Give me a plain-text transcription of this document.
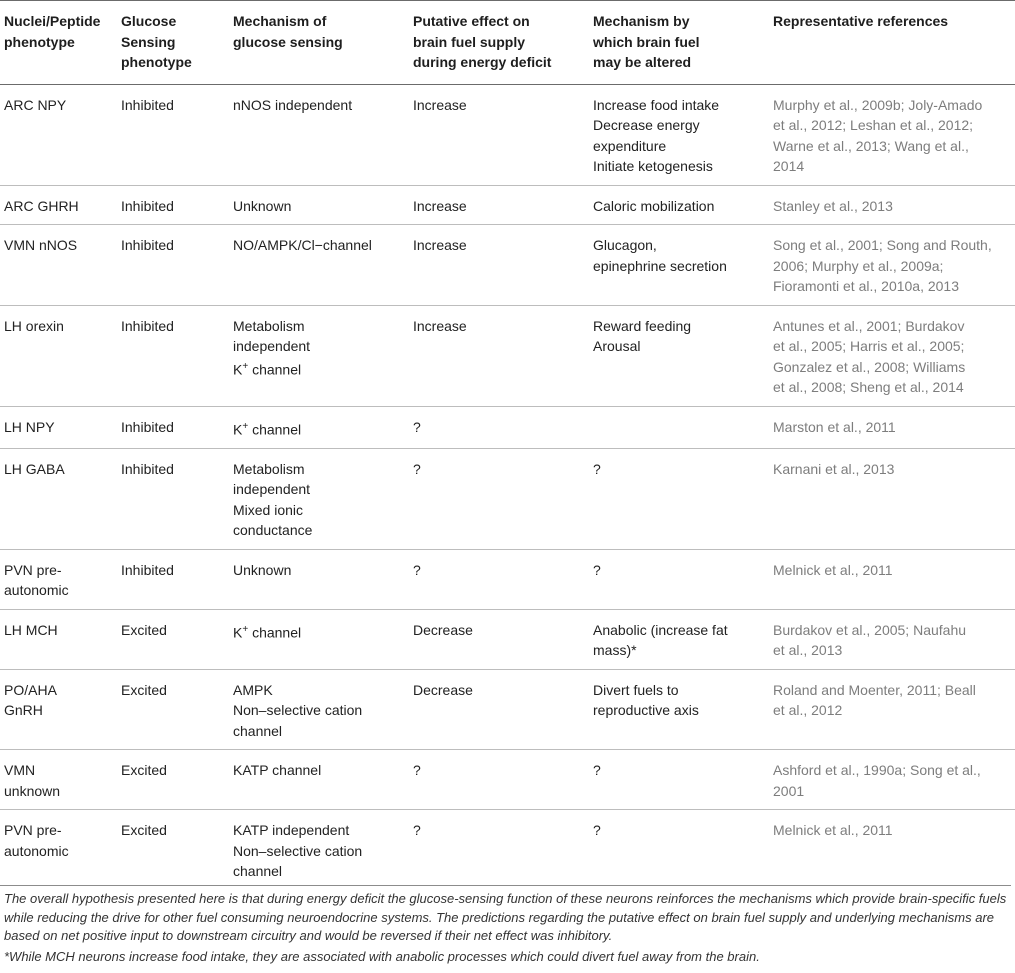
Nuclei/Peptide
phenotype	Glucose
Sensing
phenotype	Mechanism of
glucose sensing	Putative effect on
brain fuel supply
during energy deficit	Mechanism by
which brain fuel
may be altered	Representative references

ARC NPY	Inhibited	nNOS independent	Increase	Increase food intake
Decrease energy
expenditure
Initiate ketogenesis	Murphy et al., 2009b; Joly-Amado
et al., 2012; Leshan et al., 2012;
Warne et al., 2013; Wang et al.,
2014

ARC GHRH	Inhibited	Unknown	Increase	Caloric mobilization	Stanley et al., 2013

VMN nNOS	Inhibited	NO/AMPK/Cl−channel	Increase	Glucagon,
epinephrine secretion	Song et al., 2001; Song and Routh,
2006; Murphy et al., 2009a;
Fioramonti et al., 2010a, 2013

LH orexin	Inhibited	Metabolism
independent
K+ channel	Increase	Reward feeding
Arousal	Antunes et al., 2001; Burdakov
et al., 2005; Harris et al., 2005;
Gonzalez et al., 2008; Williams
et al., 2008; Sheng et al., 2014

LH NPY	Inhibited	K+ channel	?		Marston et al., 2011

LH GABA	Inhibited	Metabolism
independent
Mixed ionic
conductance	?	?	Karnani et al., 2013

PVN pre-
autonomic	Inhibited	Unknown	?	?	Melnick et al., 2011

LH MCH	Excited	K+ channel	Decrease	Anabolic (increase fat
mass)*	Burdakov et al., 2005; Naufahu
et al., 2013

PO/AHA
GnRH	Excited	AMPK
Non–selective cation
channel	Decrease	Divert fuels to
reproductive axis	Roland and Moenter, 2011; Beall
et al., 2012

VMN
unknown	Excited	KATP channel	?	?	Ashford et al., 1990a; Song et al.,
2001

PVN pre-
autonomic	Excited	KATP independent
Non–selective cation
channel	?	?	Melnick et al., 2011
The overall hypothesis presented here is that during energy deficit the glucose-sensing function of these neurons reinforces the mechanisms which provide brain-specific fuels while reducing the drive for other fuel consuming neuroendocrine systems. The predictions regarding the putative effect on brain fuel supply and underlying mechanisms are based on net positive input to downstream circuitry and would be reversed if their net effect was inhibitory.
*While MCH neurons increase food intake, they are associated with anabolic processes which could divert fuel away from the brain.
